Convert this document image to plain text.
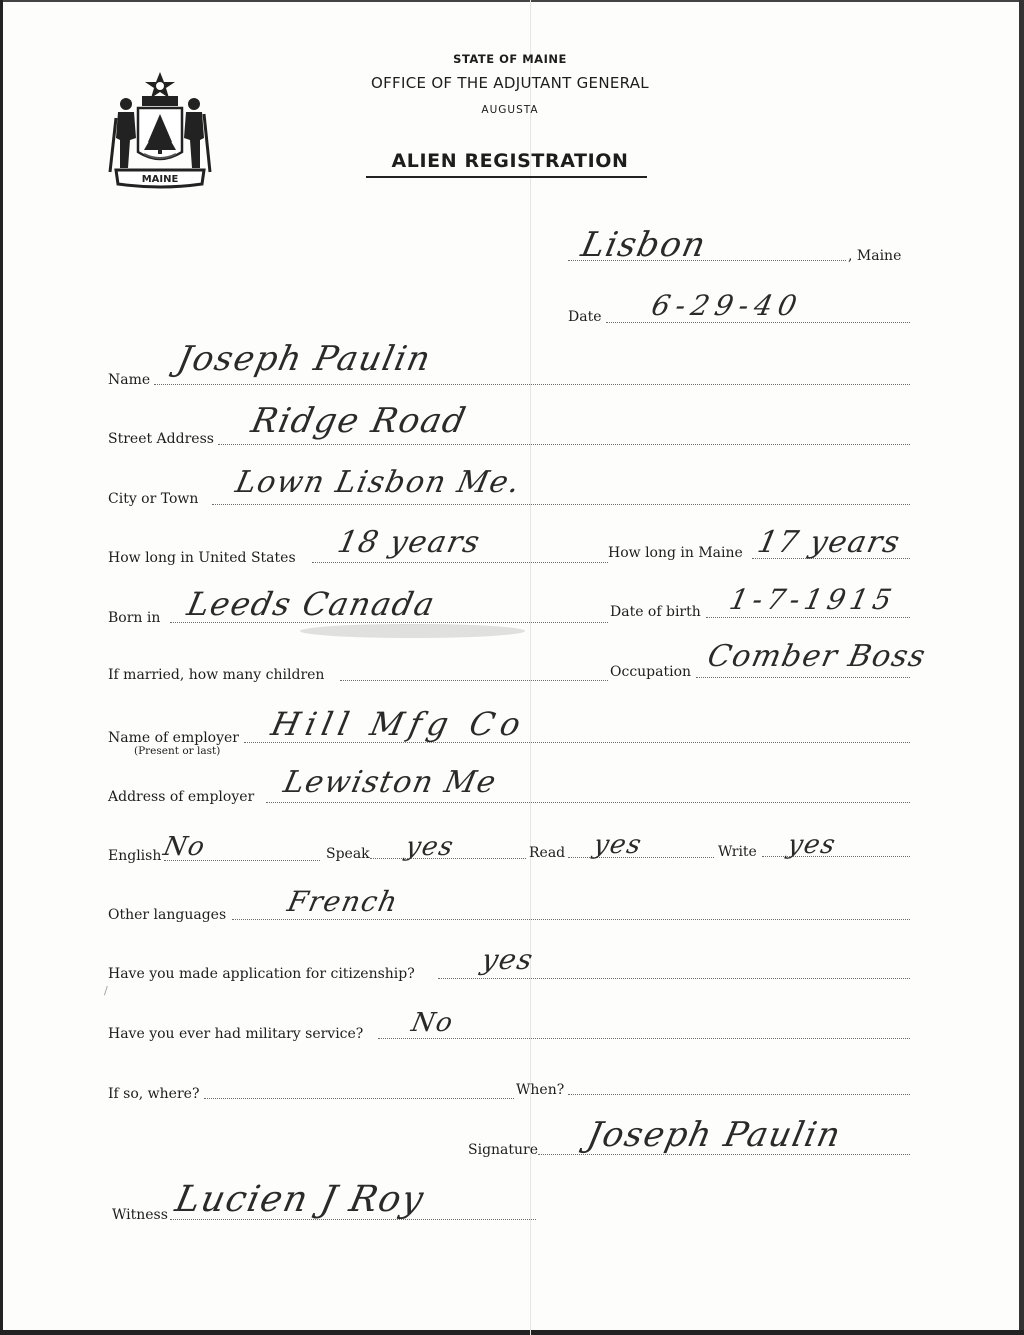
MAINE
STATE OF MAINE
OFFICE OF THE ADJUTANT GENERAL
AUGUSTA
ALIEN REGISTRATION
Lisbon	, Maine
Date 6-29-40
Name
Joseph Paulin
Street Address Ridge Road
City or Town Lown Lisbon Me.
How long in United States 18 years	How long in Maine 17 years
Born in Leeds Canada	Date of birth 1-7-1915
If married, how many children	Occupation Comber Boss
Name of employer
(Present or last)
Hill Mfg Co
Address of employer Lewiston Me
English No	Speak yes	Read yes	Write yes
Other languages French
/
Have you made application for citizenship? yes
Have you ever had military service? No
If so, where?	When?
Signature Joseph Paulin
Witness Lucien J Roy
